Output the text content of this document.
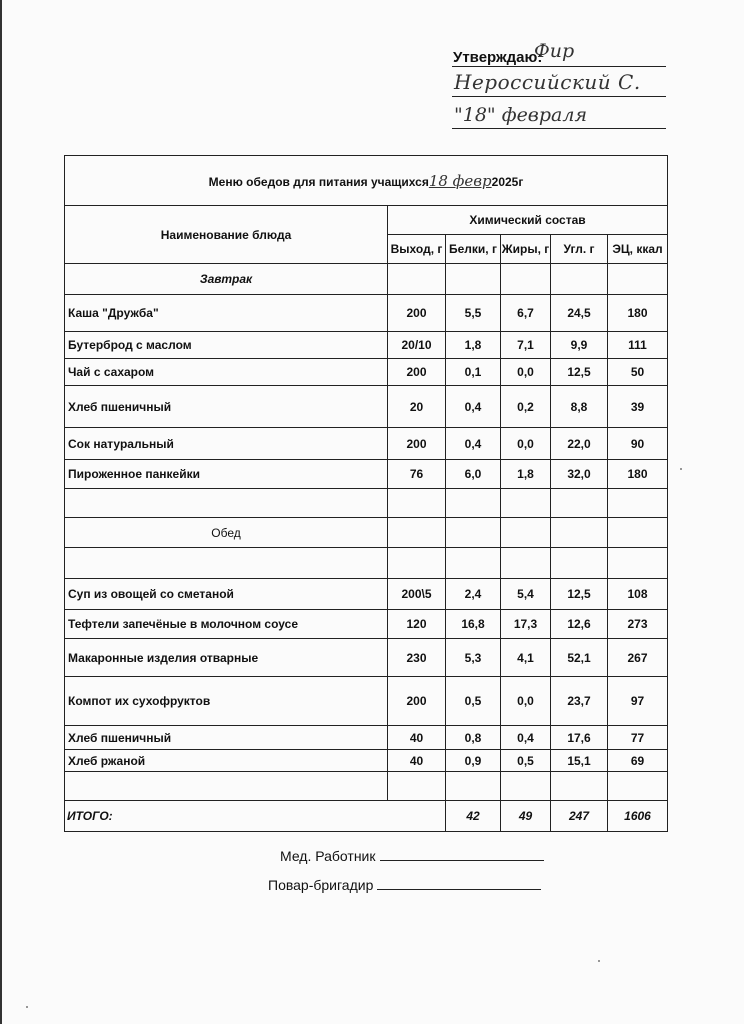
Утверждаю:
Фир
Нероссийский С.
"18" февраля
Меню обедов для питания учащихся18 февр2025г					
Наименование блюда	Химический состав				
	Выход, г	Белки, г	Жиры, г	Угл. г	ЭЦ, ккал
Завтрак					
Каша "Дружба"	200	5,5	6,7	24,5	180
Бутерброд с маслом	20/10	1,8	7,1	9,9	111
Чай с сахаром	200	0,1	0,0	12,5	50
Хлеб пшеничный	20	0,4	0,2	8,8	39
Сок натуральный	200	0,4	0,0	22,0	90
Пироженное панкейки	76	6,0	1,8	32,0	180

Обед					

Суп из овощей со сметаной	200\5	2,4	5,4	12,5	108
Тефтели запечёные в молочном соусе	120	16,8	17,3	12,6	273
Макаронные изделия отварные	230	5,3	4,1	52,1	267
Компот их сухофруктов	200	0,5	0,0	23,7	97
Хлеб пшеничный	40	0,8	0,4	17,6	77
Хлеб ржаной	40	0,9	0,5	15,1	69

ИТОГО:		42	49	247	1606
Мед. Работник
Повар-бригадир
